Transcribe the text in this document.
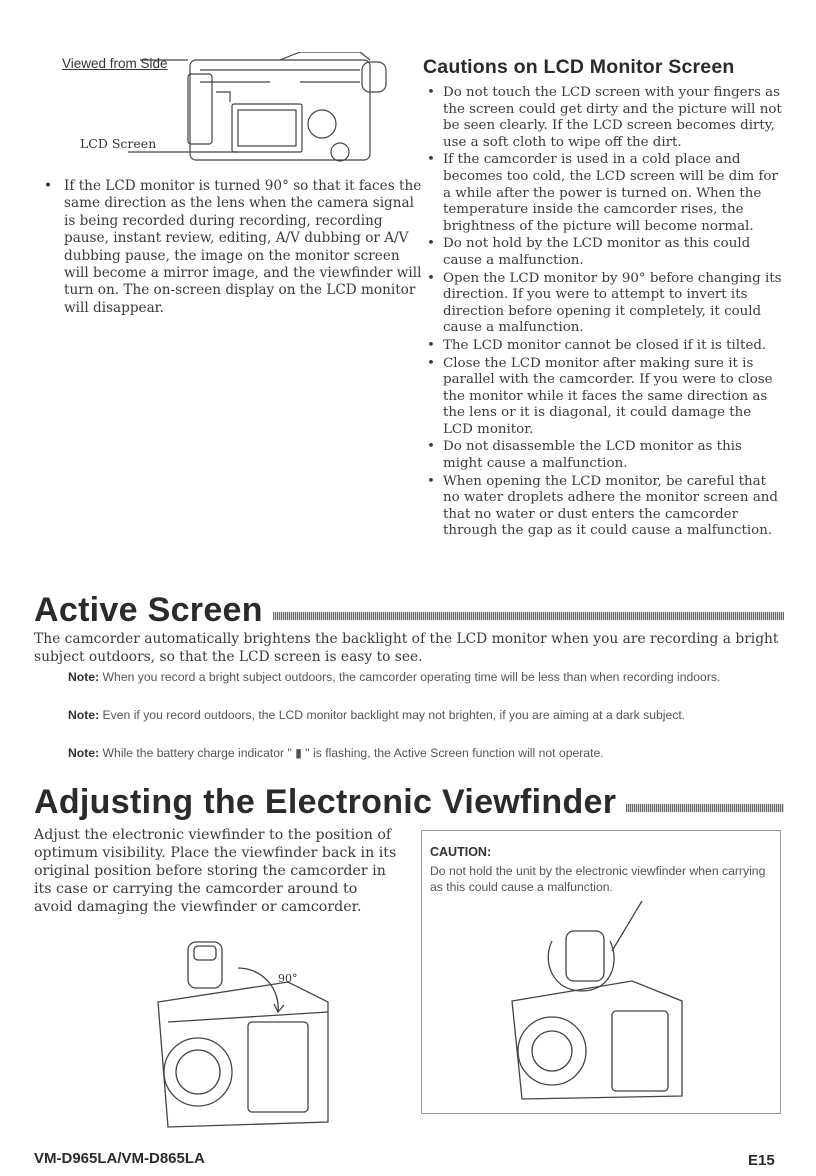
Viewed from Side
LCD Screen
• If the LCD monitor is turned 90° so that it faces the same direction as the lens when the camera signal is being recorded during recording, recording pause, instant review, editing, A/V dubbing or A/V dubbing pause, the image on the monitor screen will become a mirror image, and the viewfinder will turn on. The on-screen display on the LCD monitor will disappear.
Cautions on LCD Monitor Screen
• Do not touch the LCD screen with your fingers as the screen could get dirty and the picture will not be seen clearly. If the LCD screen becomes dirty, use a soft cloth to wipe off the dirt.
• If the camcorder is used in a cold place and becomes too cold, the LCD screen will be dim for a while after the power is turned on. When the temperature inside the camcorder rises, the brightness of the picture will become normal.
• Do not hold by the LCD monitor as this could cause a malfunction.
• Open the LCD monitor by 90° before changing its direction. If you were to attempt to invert its direction before opening it completely, it could cause a malfunction.
• The LCD monitor cannot be closed if it is tilted.
• Close the LCD monitor after making sure it is parallel with the camcorder. If you were to close the monitor while it faces the same direction as the lens or it is diagonal, it could damage the LCD monitor.
• Do not disassemble the LCD monitor as this might cause a malfunction.
• When opening the LCD monitor, be careful that no water droplets adhere the monitor screen and that no water or dust enters the camcorder through the gap as it could cause a malfunction.
Active Screen
The camcorder automatically brightens the backlight of the LCD monitor when you are recording a bright subject outdoors, so that the LCD screen is easy to see.
Note: When you record a bright subject outdoors, the camcorder operating time will be less than when recording indoors.
Note: Even if you record outdoors, the LCD monitor backlight may not brighten, if you are aiming at a dark subject.
Note: While the battery charge indicator " ▮ " is flashing, the Active Screen function will not operate.
Adjusting the Electronic Viewfinder
Adjust the electronic viewfinder to the position of optimum visibility. Place the viewfinder back in its original position before storing the camcorder in its case or carrying the camcorder around to avoid damaging the viewfinder or camcorder.
90°
CAUTION:
Do not hold the unit by the electronic viewfinder when carrying as this could cause a malfunction.
VM-D965LA/VM-D865LA	E15
